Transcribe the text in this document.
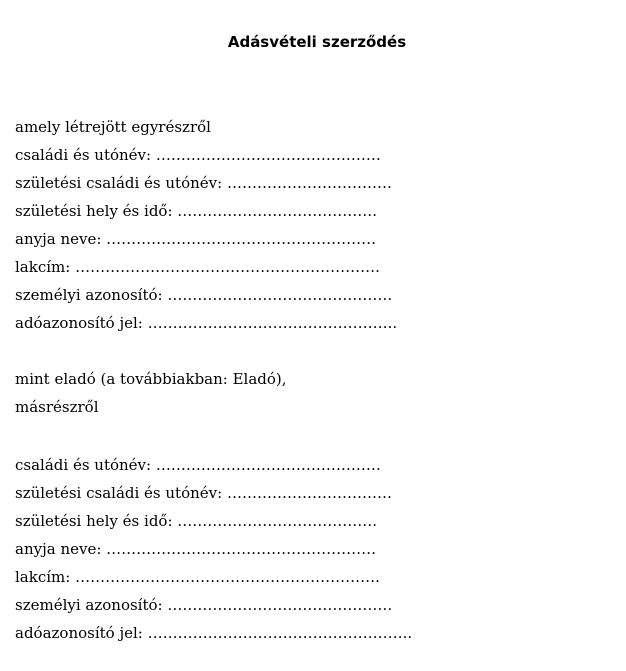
Adásvételi szerződés
amely létrejött egyrészről
családi és utónév: ………………………………………
születési családi és utónév: ……………………………
születési hely és idő: ………………………………….
anyja neve: ………………………………………………
lakcím: …………………………………………………….
személyi azonosító: ………………………………………
adóazonosító jel: …………………………………………..
mint eladó (a továbbiakban: Eladó),
másrészről
családi és utónév: ………………………………………
születési családi és utónév: ……………………………
születési hely és idő: ………………………………….
anyja neve: ………………………………………………
lakcím: …………………………………………………….
személyi azonosító: ………………………………………
adóazonosító jel: ……………………………………………..
